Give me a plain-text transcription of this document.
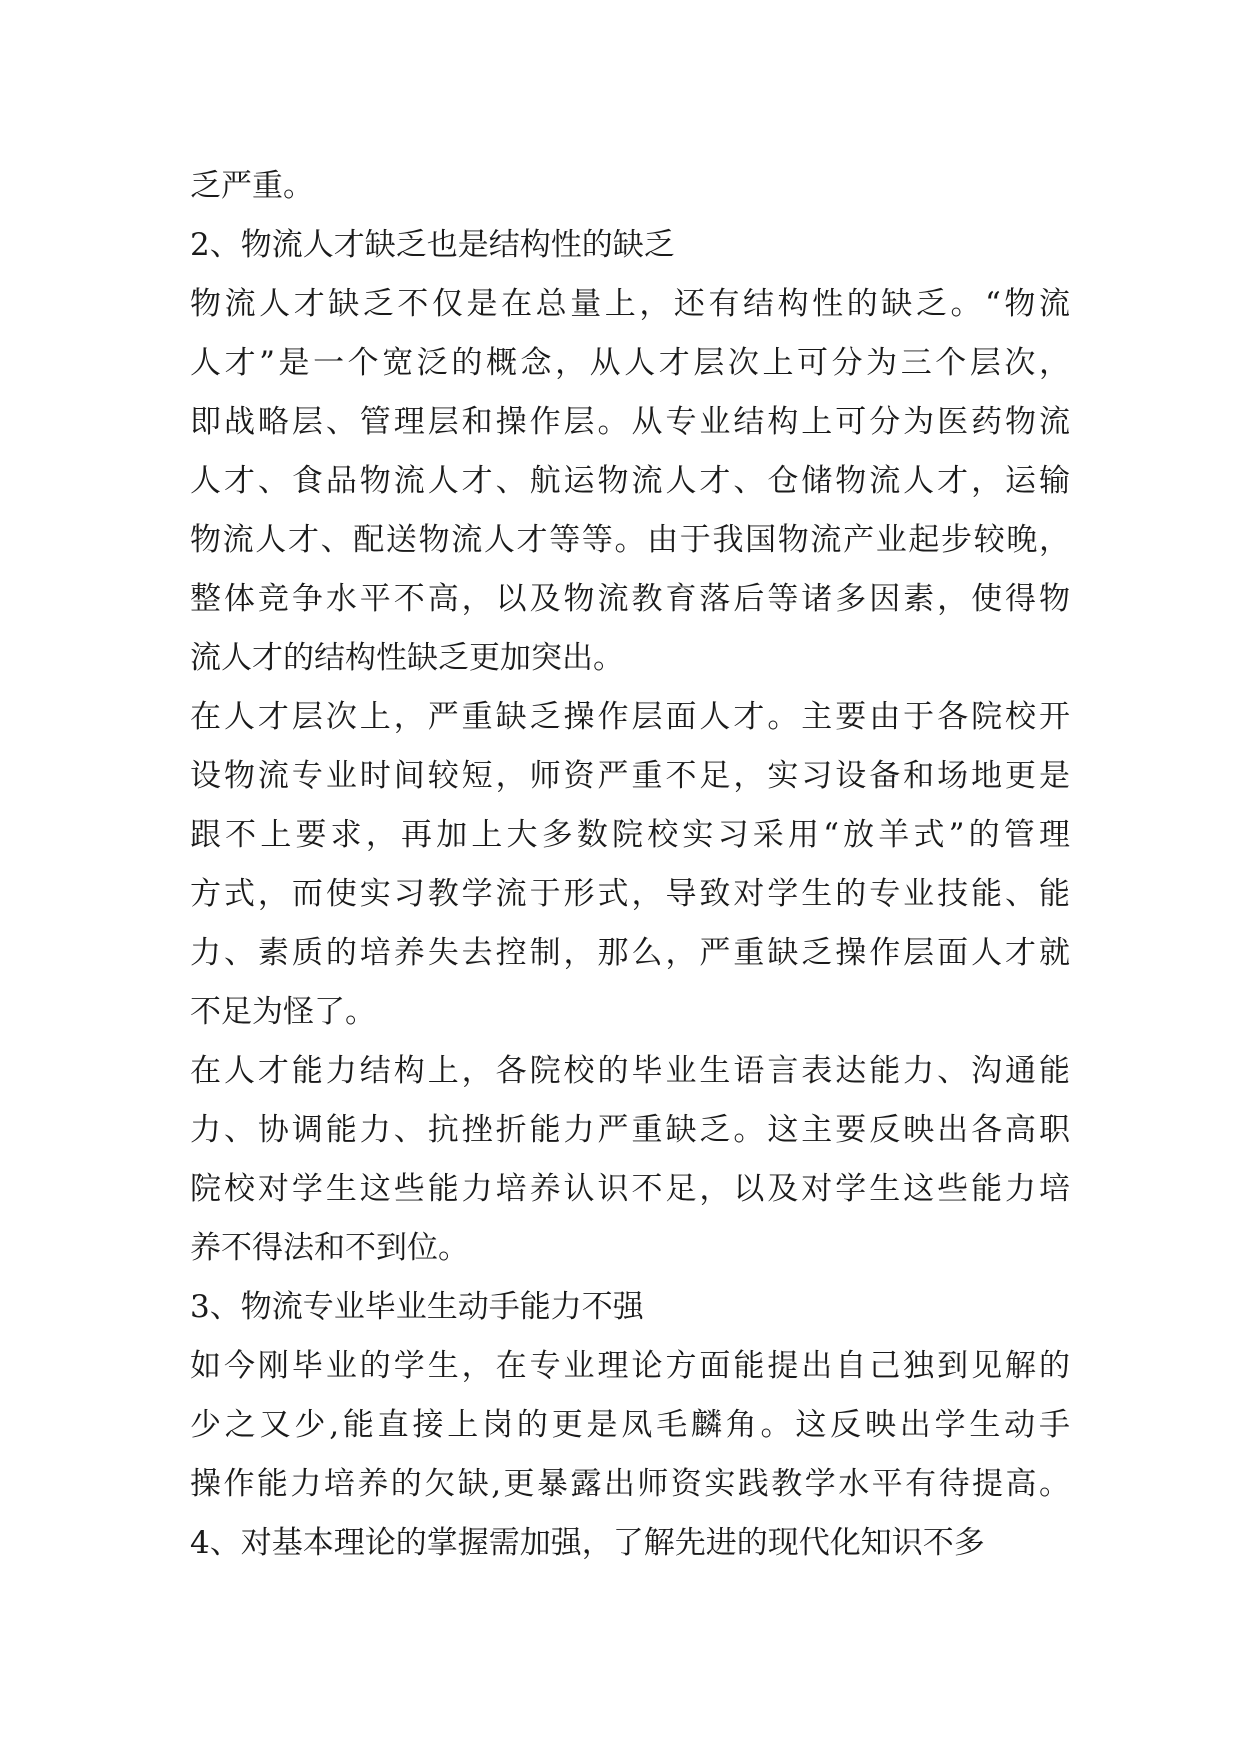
乏严重。
2、物流人才缺乏也是结构性的缺乏
物流人才缺乏不仅是在总量上，还有结构性的缺乏。“物流
人才”是一个宽泛的概念，从人才层次上可分为三个层次，
即战略层、管理层和操作层。从专业结构上可分为医药物流
人才、食品物流人才、航运物流人才、仓储物流人才，运输
物流人才、配送物流人才等等。由于我国物流产业起步较晚，
整体竞争水平不高，以及物流教育落后等诸多因素，使得物
流人才的结构性缺乏更加突出。
在人才层次上，严重缺乏操作层面人才。主要由于各院校开
设物流专业时间较短，师资严重不足，实习设备和场地更是
跟不上要求，再加上大多数院校实习采用“放羊式”的管理
方式，而使实习教学流于形式，导致对学生的专业技能、能
力、素质的培养失去控制，那么，严重缺乏操作层面人才就
不足为怪了。
在人才能力结构上，各院校的毕业生语言表达能力、沟通能
力、协调能力、抗挫折能力严重缺乏。这主要反映出各高职
院校对学生这些能力培养认识不足，以及对学生这些能力培
养不得法和不到位。
3、物流专业毕业生动手能力不强
如今刚毕业的学生，在专业理论方面能提出自己独到见解的
少之又少,能直接上岗的更是凤毛麟角。这反映出学生动手
操作能力培养的欠缺,更暴露出师资实践教学水平有待提高。
4、对基本理论的掌握需加强，了解先进的现代化知识不多
